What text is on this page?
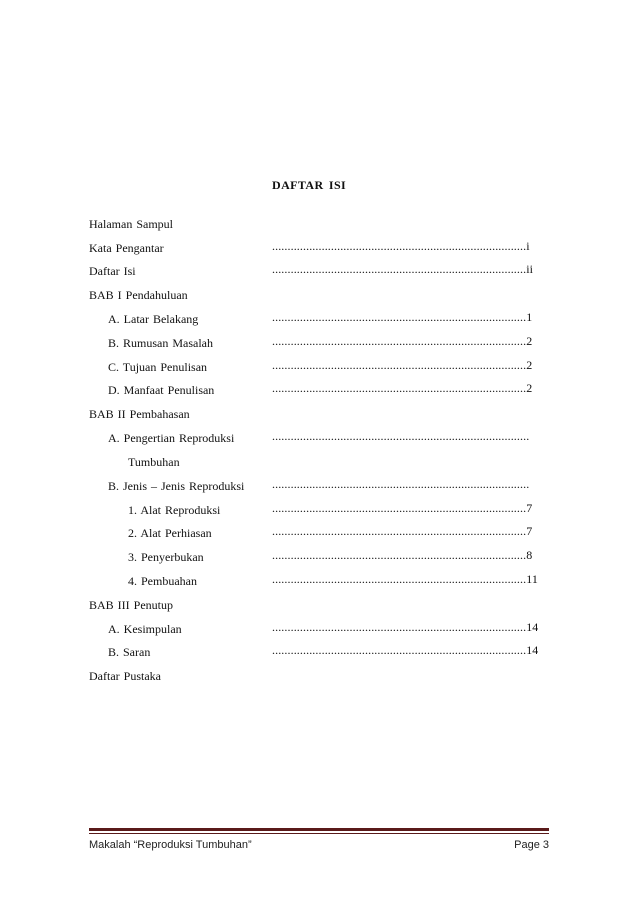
DAFTAR ISI
Halaman Sampul
Kata Pengantar	..................................................................................i
Daftar Isi	..................................................................................ii
BAB I Pendahuluan
A. Latar Belakang	..................................................................................1
B. Rumusan Masalah	..................................................................................2
C. Tujuan Penulisan	..................................................................................2
D. Manfaat Penulisan	..................................................................................2
BAB II Pembahasan
A. Pengertian Reproduksi	...................................................................................
Tumbuhan
B. Jenis – Jenis Reproduksi ...................................................................................
1. Alat Reproduksi	..................................................................................7
2. Alat Perhiasan	..................................................................................7
3. Penyerbukan	..................................................................................8
4. Pembuahan	..................................................................................11
BAB III Penutup
A. Kesimpulan	..................................................................................14
B. Saran	..................................................................................14
Daftar Pustaka
Makalah “Reproduksi Tumbuhan”	Page 3
